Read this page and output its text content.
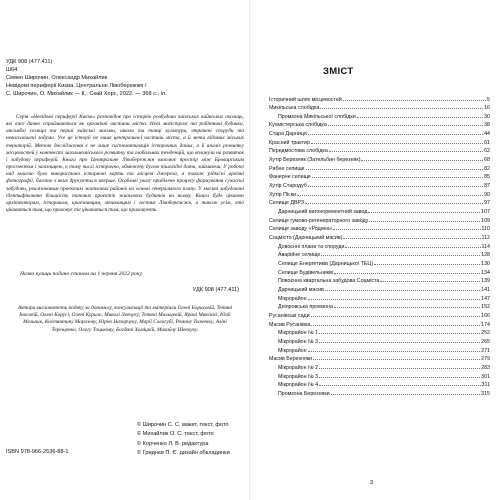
УДК 908 (477.411)
Ш64
Семен Широчин, Олександр Михайлик
Невідомі периферії Києва. Центральне Лівобережжя /
С. Широчин, О. Михайлик — К.: Скай Хорс, 2022. — 368 с., іл.
Серія «Невідомі периферії Києва» розповідає про історію розбудови київських кийвських околиць, які вже давно сприймаються як органічні частини міста. Нові магістралі та робітничі будинки, ансамблі селища та перші київські масиви, школи та танці культури, втрачені споруди та невиголошені задуми. Усе це історії не лише центральної частини міста, а й менш відомих міських територій. Метою дослідження є не лише систематизація історичних даних, а й аналіз розвитку місцевостей у контексті загальноміського розвитку та глобальних тенденцій, що вплинули на розвиток і забудову периферій. Книга про Центральне Лівобережжя охоплює простір між Броварським проспектом і залізницею, в тому числі історично, обмежену дугою пішохідні дати, займаючи. У роботі над книгою було використано історичні карти та місцеві джерела, а також рідкісні архівні фотографії, багато з яких друкуються вперше. Особливі увагу приділено процесу формування сучасної забудови, реалізованим проєктам житлових районів на основі генерального плану. У масиві забудовані ідентифіковано більшість типових проєктів житлових будинків на ньому. Книга буде цікавою архітекторам, історикам, краєзнавцям, мешканцям і гостям Лівобережжя, а також усім, хто цікавиться тим, що приховує та цікавиться тим, що приховують.
Назва кулиць подано станом на 1 червня 2022 року.
УДК 908 (477.411)
Автори висловлюють подяку за допомогу, консультації та матеріали Олені Борисовій, Тетяні Іносовій, Олені Корусі, Олені Курило, Миколі Левчуку, Тетяні Мальцевій, Ярині Максюхі, Юлії Мельник, Костянтину Морозову, Юрію Назарчуку, Марії Сологубі, Роману Ткаченку, Аліні Терещенко, Олегу Тоцькому, Богдані Хоміцкій, Михайлу Шевчуку.
© Широчин С. С. макет, текст, фото
© Михайлик О. С. текст, фото
© Корченко Л. В. редактура
© Гриднєв П. Є. дизайн обкладинки
ISBN 978-966-2536-88-1
ЗМІСТ
Історичний шлях місцевостей	5
Микільська слобідка	16
Промзона Микільської слобідки	30
Кухмістерська слобідка	38
Стара Дарниця	44
Красний трактир	61
Передмостова слобідка	62
Хутір Березняк (Зательбин березняк)	68
Рибне селище	82
Фанерне селище	85
Хутір Стародуб	87
Хутір Піски	90
Селище ДВРЗ	97
Дарницький вагоноремонтний завод	107
Селище гумово-регенераторного заводу	109
Селище заводу «Родина»	110
Соцмісто (Дарницький масив)	112
Довоєнні плани та споруди	114
Аварійне селище	128
Селище Енергетиків (Дарницької ТЕЦ)	130
Селище Будівельників	134
Повоєнна квартальна забудова Соцміста	139
Дарницький масив	141
Мікрорайон	147
Дніпровська промзона	152
Русанівські сади	166
Масив Русанівка	174
Мікрорайон № 1	252
Мікрорайон № 3	265
Мікрорайон	271
Масив Березняки	279
Мікрорайон № 2	283
Мікрорайон № 3	301
Мікрорайон № 4	311
Промзона Березняки	315
3
